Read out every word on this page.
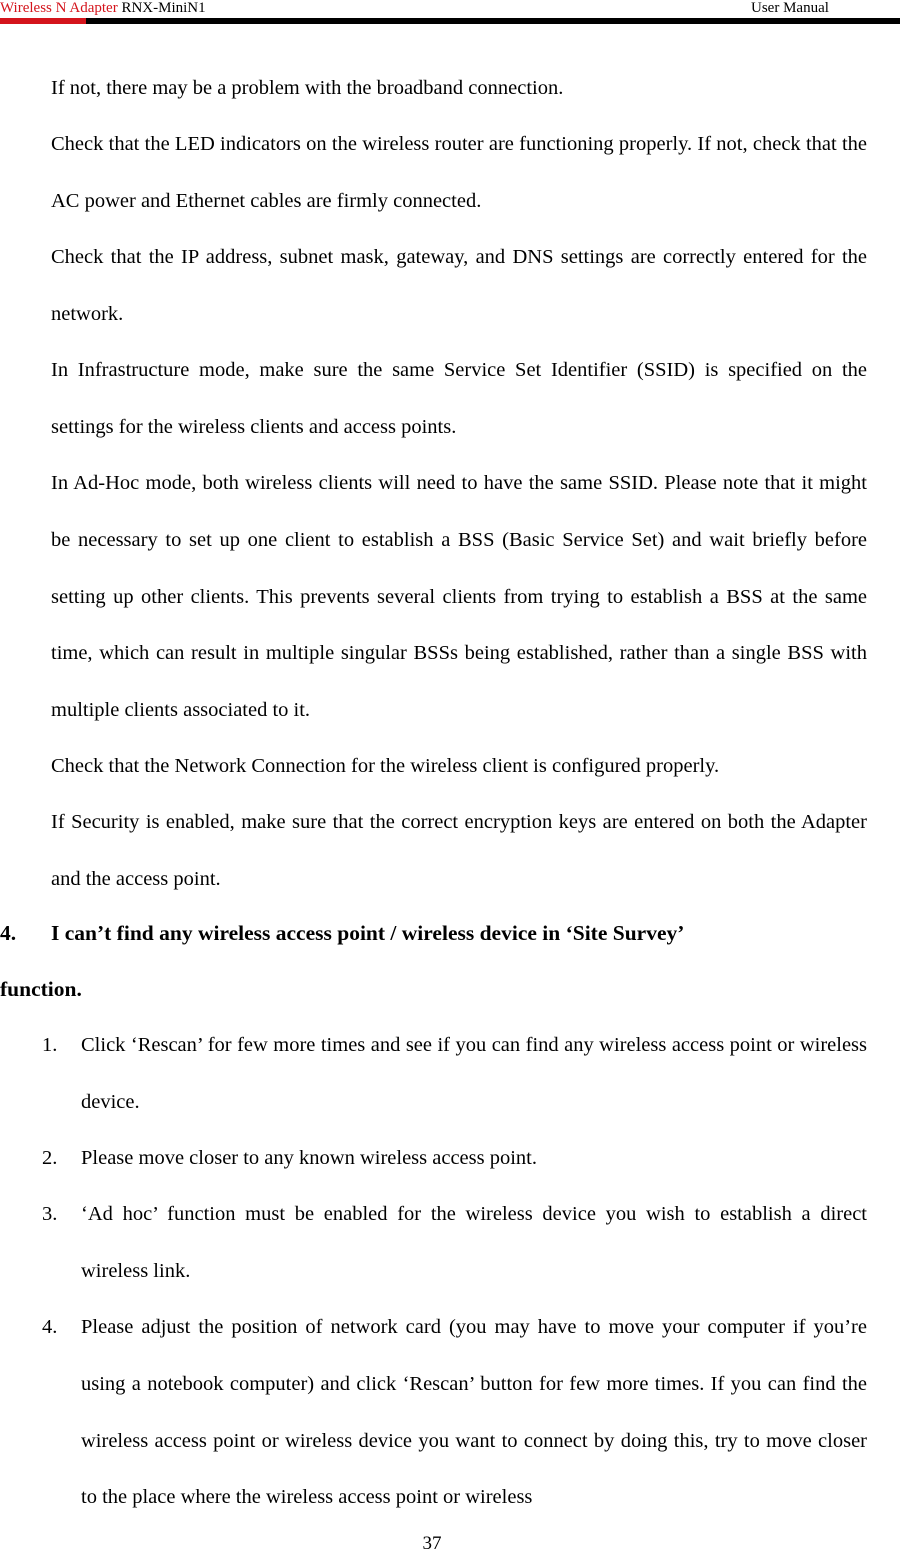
Wireless N Adapter RNX-MiniN1	User Manual
If not, there may be a problem with the broadband connection.
Check that the LED indicators on the wireless router are functioning properly. If not, check that the AC power and Ethernet cables are firmly connected.
Check that the IP address, subnet mask, gateway, and DNS settings are correctly entered for the network.
In Infrastructure mode, make sure the same Service Set Identifier (SSID) is specified on the settings for the wireless clients and access points.
In Ad-Hoc mode, both wireless clients will need to have the same SSID. Please note that it might be necessary to set up one client to establish a BSS (Basic Service Set) and wait briefly before setting up other clients. This prevents several clients from trying to establish a BSS at the same time, which can result in multiple singular BSSs being established, rather than a single BSS with multiple clients associated to it.
Check that the Network Connection for the wireless client is configured properly.
If Security is enabled, make sure that the correct encryption keys are entered on both the Adapter and the access point.
4. I can’t find any wireless access point / wireless device in ‘Site Survey’
function.
1. Click ‘Rescan’ for few more times and see if you can find any wireless access point or wireless device.
2. Please move closer to any known wireless access point.
3. ‘Ad hoc’ function must be enabled for the wireless device you wish to establish a direct wireless link.
4. Please adjust the position of network card (you may have to move your computer if you’re using a notebook computer) and click ‘Rescan’ button for few more times. If you can find the wireless access point or wireless device you want to connect by doing this, try to move closer to the place where the wireless access point or wireless
37
